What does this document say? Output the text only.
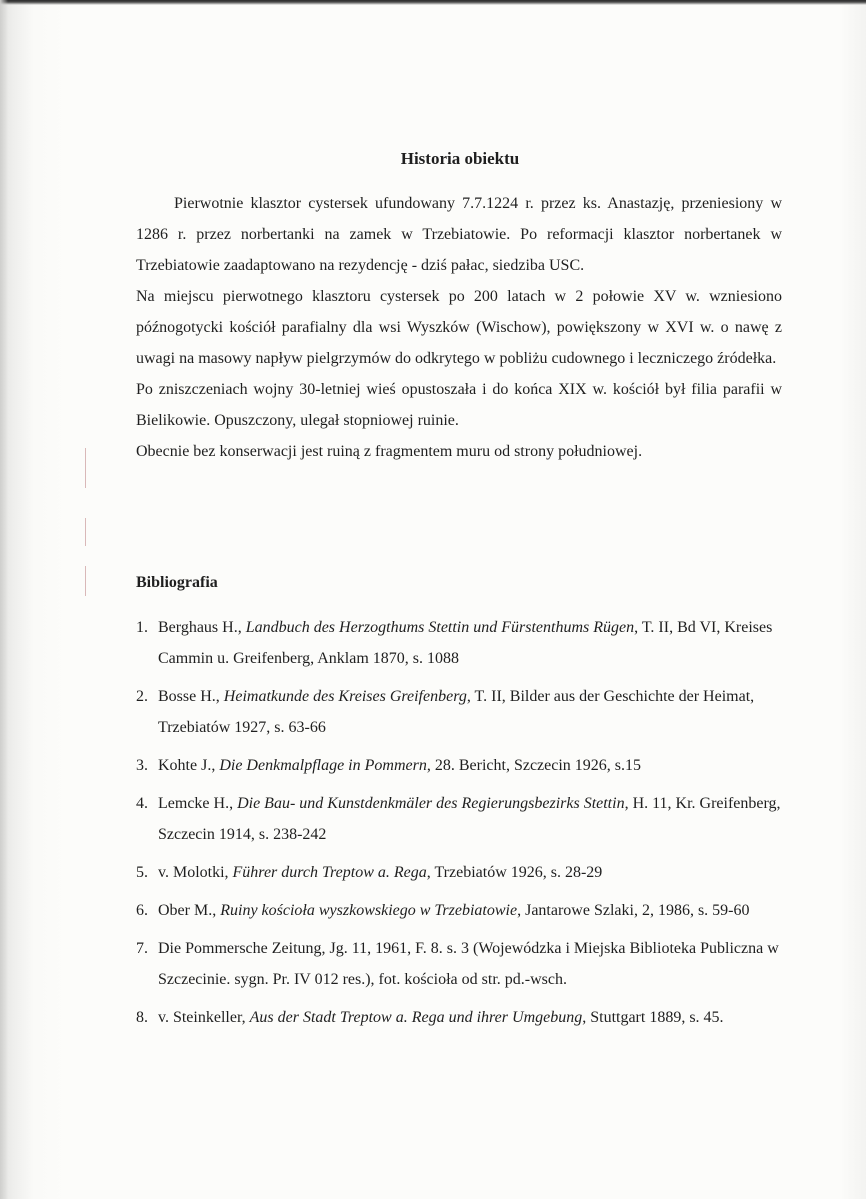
Historia obiektu

Pierwotnie klasztor cystersek ufundowany 7.7.1224 r. przez ks. Anastazję, przeniesiony w 1286 r. przez norbertanki na zamek w Trzebiatowie. Po reformacji klasztor norbertanek w Trzebiatowie zaadaptowano na rezydencję - dziś pałac, siedziba USC.

Na miejscu pierwotnego klasztoru cystersek po 200 latach w 2 połowie XV w. wzniesiono późnogotycki kościół parafialny dla wsi Wyszków (Wischow), powiększony w XVI w. o nawę z uwagi na masowy napływ pielgrzymów do odkrytego w pobliżu cudownego i leczniczego źródełka.

Po zniszczeniach wojny 30-letniej wieś opustoszała i do końca XIX w. kościół był filia parafii w Bielikowie. Opuszczony, ulegał stopniowej ruinie.

Obecnie bez konserwacji jest ruiną z fragmentem muru od strony południowej.

Bibliografia
1. Berghaus H., Landbuch des Herzogthums Stettin und Fürstenthums Rügen, T. II, Bd VI, Kreises Cammin u. Greifenberg, Anklam 1870, s. 1088
2. Bosse H., Heimatkunde des Kreises Greifenberg, T. II, Bilder aus der Geschichte der Heimat, Trzebiatów 1927, s. 63-66
3. Kohte J., Die Denkmalpflage in Pommern, 28. Bericht, Szczecin 1926, s.15
4. Lemcke H., Die Bau- und Kunstdenkmäler des Regierungsbezirks Stettin, H. 11, Kr. Greifenberg, Szczecin 1914, s. 238-242
5. v. Molotki, Führer durch Treptow a. Rega, Trzebiatów 1926, s. 28-29
6. Ober M., Ruiny kościoła wyszkowskiego w Trzebiatowie, Jantarowe Szlaki, 2, 1986, s. 59-60
7. Die Pommersche Zeitung, Jg. 11, 1961, F. 8. s. 3 (Wojewódzka i Miejska Biblioteka Publiczna w Szczecinie. sygn. Pr. IV 012 res.), fot. kościoła od str. pd.-wsch.
8. v. Steinkeller, Aus der Stadt Treptow a. Rega und ihrer Umgebung, Stuttgart 1889, s. 45.
